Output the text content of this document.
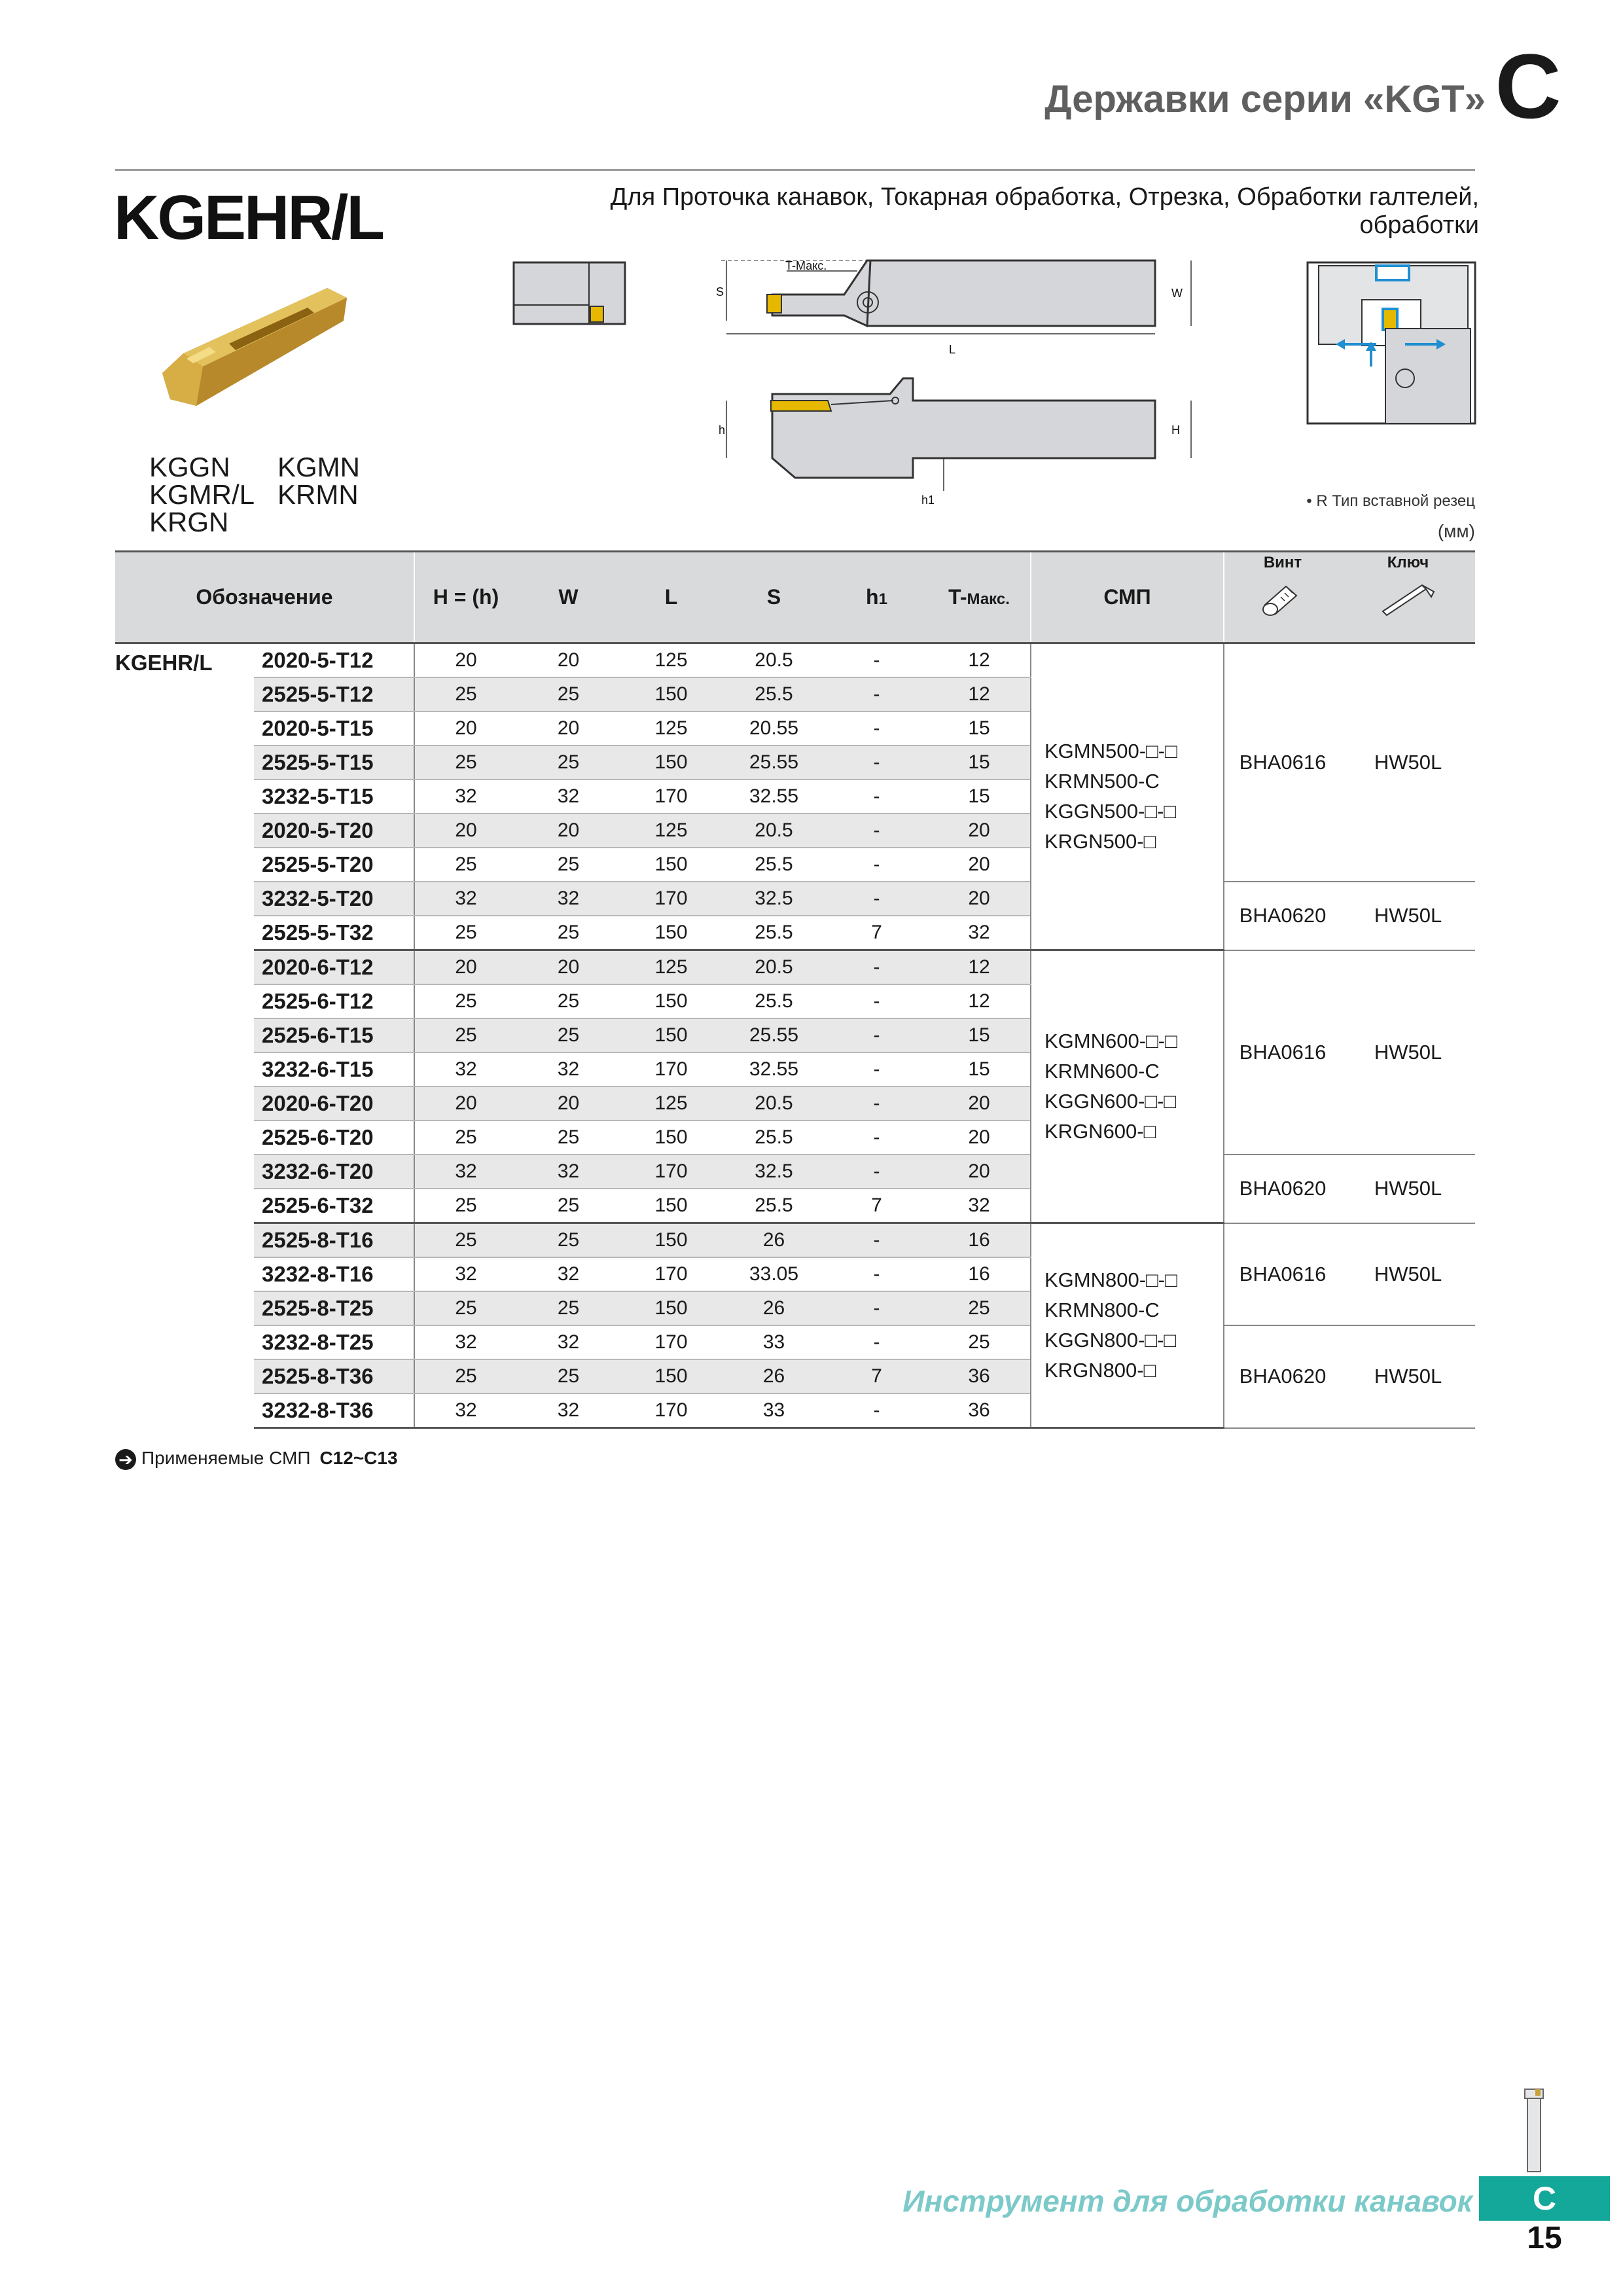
Державки серии «KGT» C
KGEHR/L	Для Проточка канавок, Токарная обработка, Отрезка, Обработки галтелей, обработки
KGGN KGMN
KGMR/L KRMN
KRGN
T-Макс.
S	W
L
h	H
h1	• R Тип вставной резец
(мм)
Обозначение		H = (h)	W	L	S	h1	T-Макс.	СМП	Винт	Ключ

KGEHR/L	2020-5-T12	20	20	125	20.5	-	12	KGMN500-□-□
KRMN500-C
KGGN500-□-□
KRGN500-□	BHA0616	HW50L
	2525-5-T12	25	25	150	25.5	-	12			
	2020-5-T15	20	20	125	20.55	-	15			
	2525-5-T15	25	25	150	25.55	-	15			
	3232-5-T15	32	32	170	32.55	-	15			
	2020-5-T20	20	20	125	20.5	-	20			
	2525-5-T20	25	25	150	25.5	-	20			
	3232-5-T20	32	32	170	32.5	-	20		BHA0620	HW50L
	2525-5-T32	25	25	150	25.5	7	32			
	2020-6-T12	20	20	125	20.5	-	12	KGMN600-□-□
KRMN600-C
KGGN600-□-□
KRGN600-□	BHA0616	HW50L
	2525-6-T12	25	25	150	25.5	-	12			
	2525-6-T15	25	25	150	25.55	-	15			
	3232-6-T15	32	32	170	32.55	-	15			
	2020-6-T20	20	20	125	20.5	-	20			
	2525-6-T20	25	25	150	25.5	-	20			
	3232-6-T20	32	32	170	32.5	-	20		BHA0620	HW50L
	2525-6-T32	25	25	150	25.5	7	32			
	2525-8-T16	25	25	150	26	-	16	KGMN800-□-□
KRMN800-C
KGGN800-□-□
KRGN800-□	BHA0616	HW50L
	3232-8-T16	32	32	170	33.05	-	16			
	2525-8-T25	25	25	150	26	-	25			
	3232-8-T25	32	32	170	33	-	25		BHA0620	HW50L
	2525-8-T36	25	25	150	26	7	36			
	3232-8-T36	32	32	170	33	-	36			
➔ Применяемые СМП C12~C13
Инструмент для обработки канавок	C
15
